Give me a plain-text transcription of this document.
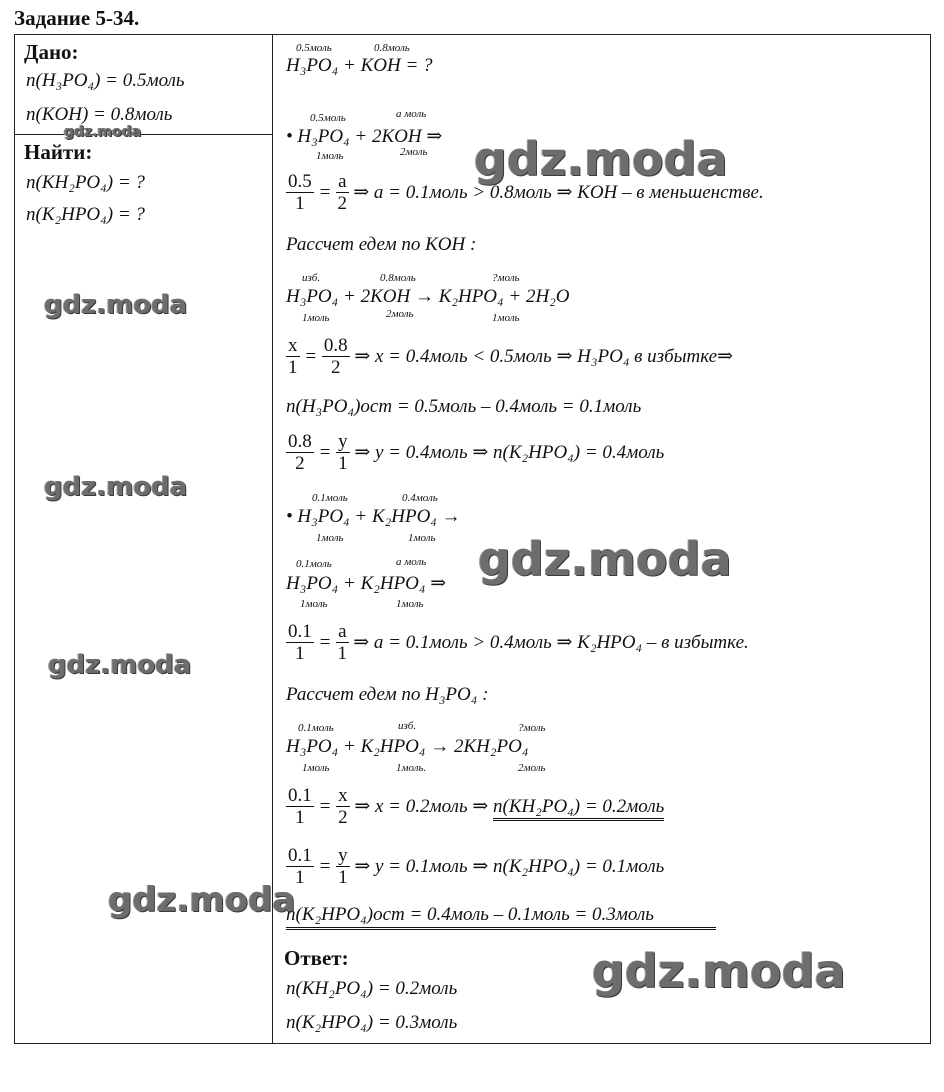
Задание 5-34.
Дано:
n(H₃PO₄) = 0.5моль
n(KOH) = 0.8моль
Найти:
n(KH₂PO₄) = ?
n(K₂HPO₄) = ?
0.5моль	0.8моль
H₃PO₄ + KOH = ?
0.5моль	a моль
• H₃PO₄ + 2KOH ⇒
1моль	2моль
$\frac{0.5}{1} = \frac{a}{2}$ ⇒ a = 0.1моль > 0.8моль ⇒ KOH – в меньшенстве.
Рассчет едем по KOH :
изб.	0.8моль	?моль
H₃PO₄ + 2KOH → K₂HPO₄ + 2H₂O
1моль	2моль	1моль
$\frac{x}{1} = \frac{0.8}{2}$ ⇒ x = 0.4моль < 0.5моль ⇒ H₃PO₄ в избытке⇒
n(H₃PO₄)ост = 0.5моль – 0.4моль = 0.1моль
$\frac{0.8}{2} = \frac{y}{1}$ ⇒ y = 0.4моль ⇒ n(K₂HPO₄) = 0.4моль
0.1моль	0.4моль
• H₃PO₄ + K₂HPO₄ →
1моль	1моль
0.1моль	a моль
H₃PO₄ + K₂HPO₄ ⇒
1моль	1моль
$\frac{0.1}{1} = \frac{a}{1}$ ⇒ a = 0.1моль > 0.4моль ⇒ K₂HPO₄ – в избытке.
Рассчет едем по H₃PO₄ :
0.1моль	изб.	?моль
H₃PO₄ + K₂HPO₄ → 2KH₂PO₄
1моль	1моль.	2моль
$\frac{0.1}{1} = \frac{x}{2}$ ⇒ x = 0.2моль ⇒ n(KH₂PO₄) = 0.2моль
$\frac{0.1}{1} = \frac{y}{1}$ ⇒ y = 0.1моль ⇒ n(K₂HPO₄) = 0.1моль
n(K₂HPO₄)ост = 0.4моль – 0.1моль = 0.3моль
Ответ:
n(KH₂PO₄) = 0.2моль
n(K₂HPO₄) = 0.3моль
gdz.moda	gdz.moda
gdz.moda
gdz.moda
gdz.moda
gdz.moda
gdz.moda
gdz.moda
